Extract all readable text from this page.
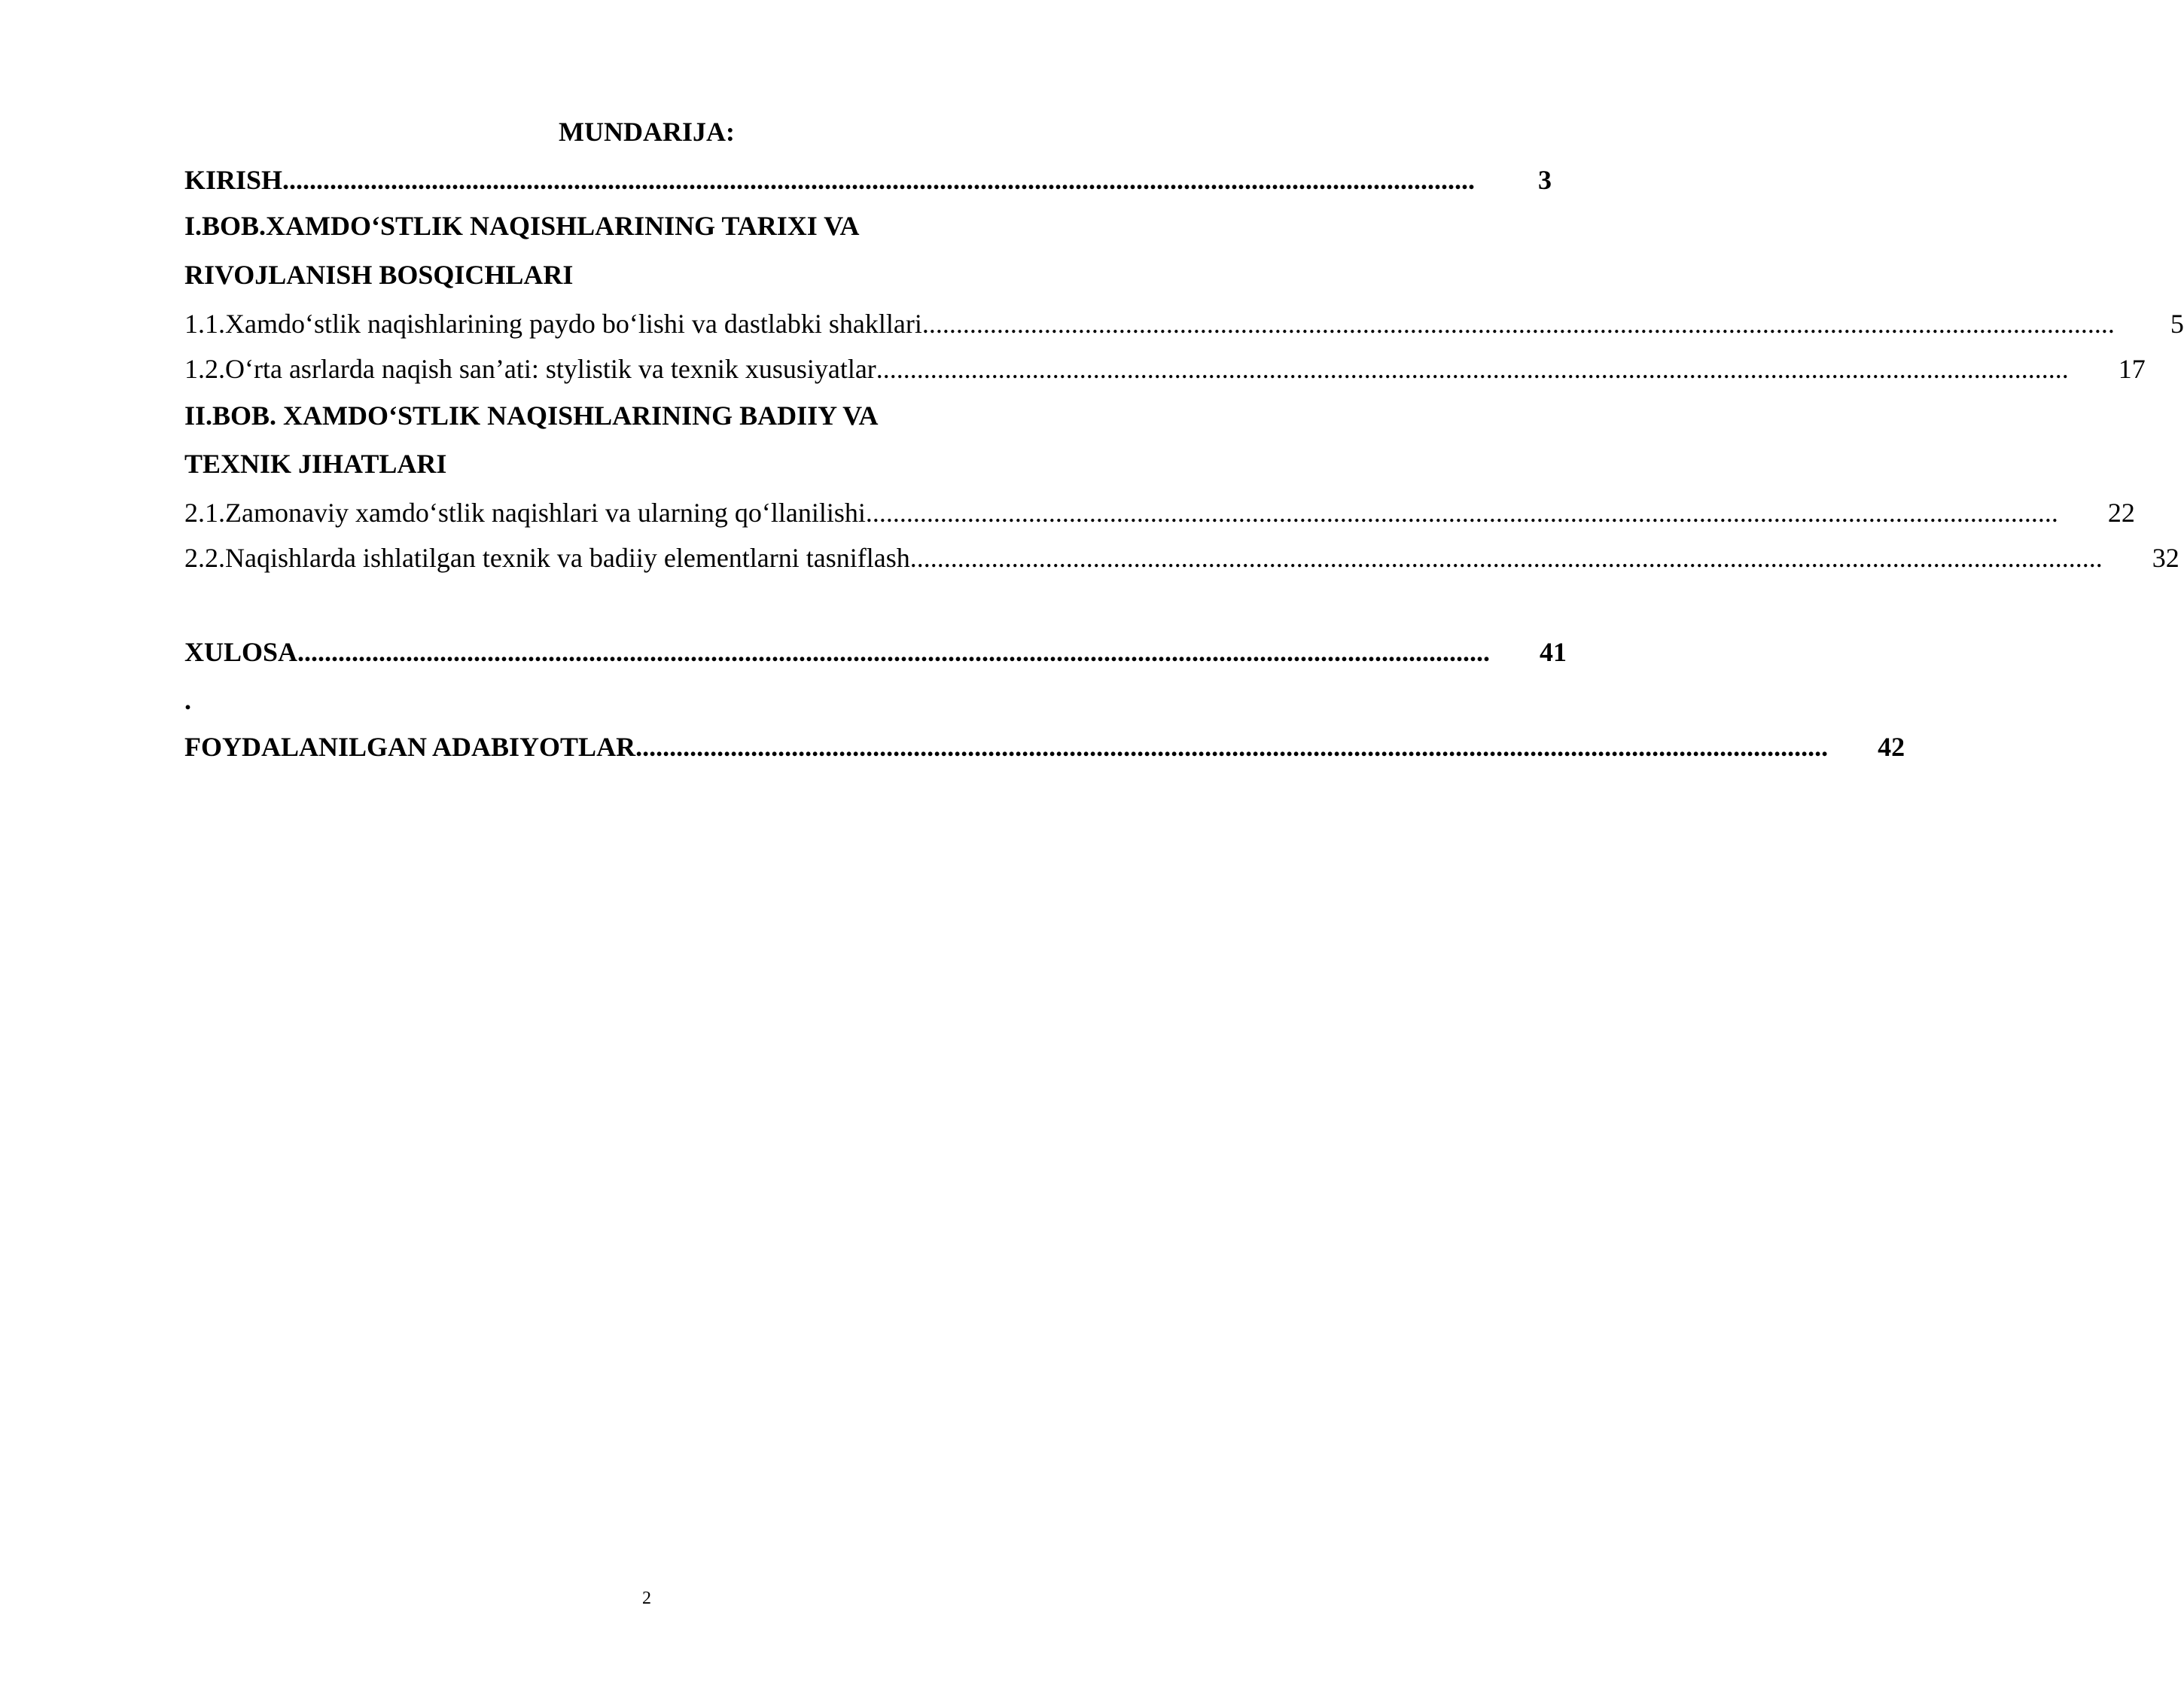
MUNDARIJA:
KIRISH ................................................................................................................................................................................	3
I.BOB.XAMDO‘STLIK NAQISHLARINING TARIXI VA
RIVOJLANISH BOSQICHLARI
1.1.Xamdo‘stlik naqishlarining paydo bo‘lishi va dastlabki shakllari ................................................................................................................................................................................	5
1.2.O‘rta asrlarda naqish san’ati: stylistik va texnik xususiyatlar ................................................................................................................................................................................	17
II.BOB. XAMDO‘STLIK NAQISHLARINING BADIIY VA
TEXNIK JIHATLARI
2.1.Zamonaviy xamdo‘stlik naqishlari va ularning qo‘llanilishi ................................................................................................................................................................................	22
2.2.Naqishlarda ishlatilgan texnik va badiiy elementlarni tasniflash ................................................................................................................................................................................	32
XULOSA ................................................................................................................................................................................	41
.
FOYDALANILGAN ADABIYOTLAR ................................................................................................................................................................................	42
2
